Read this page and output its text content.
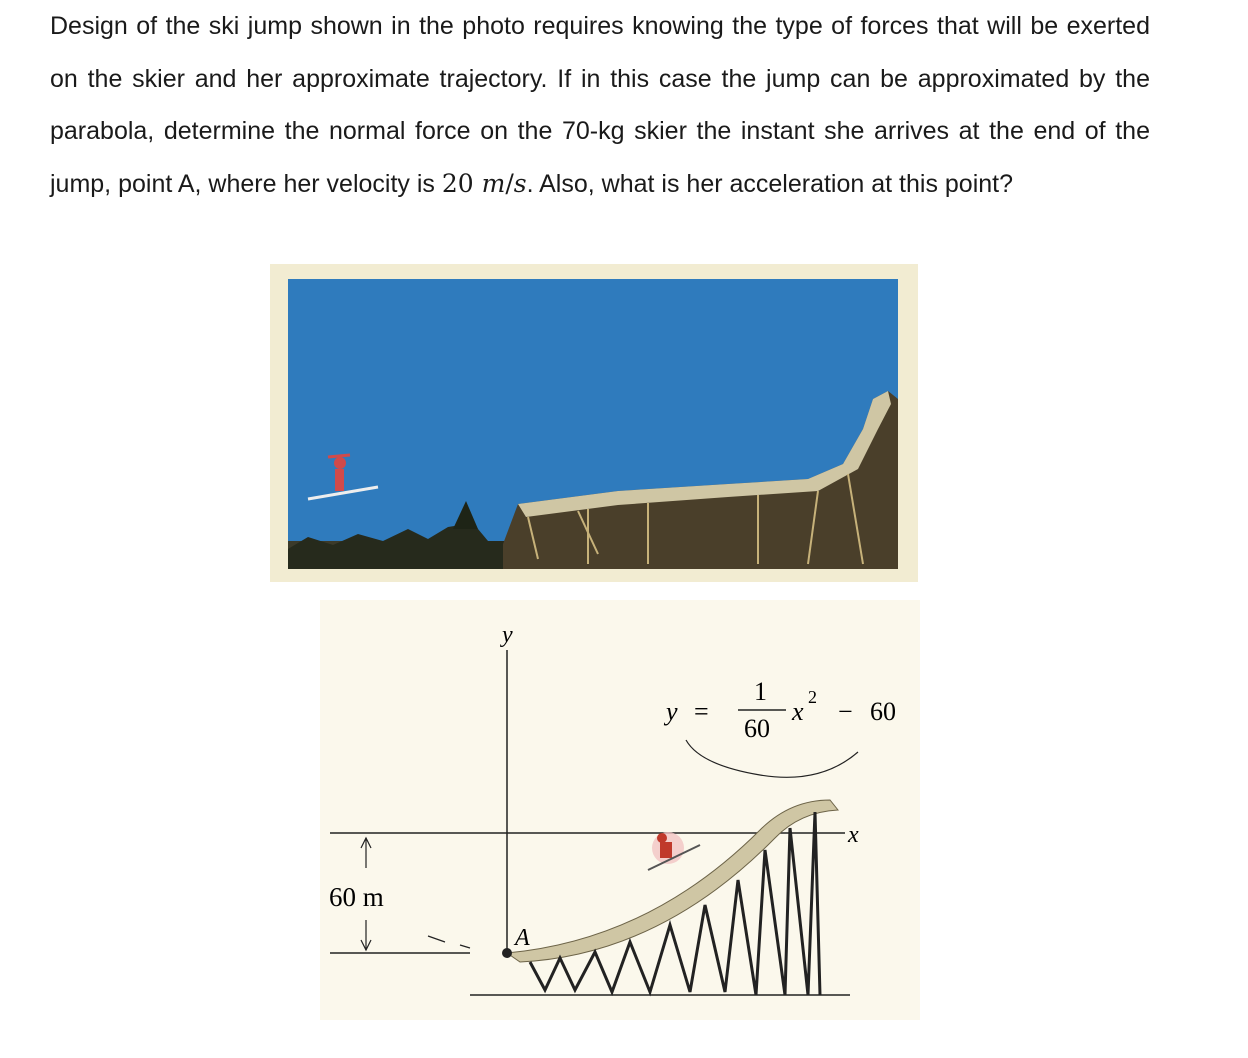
Design of the ski jump shown in the photo requires knowing the type of forces that will be exerted on the skier and her approximate trajectory. If in this case the jump can be approximated by the parabola, determine the normal force on the 70-kg skier the instant she arrives at the end of the jump, point A, where her velocity is 20 m/s. Also, what is her acceleration at this point?

y
x
A
60 m
y =
1
60
x 2 − 60
